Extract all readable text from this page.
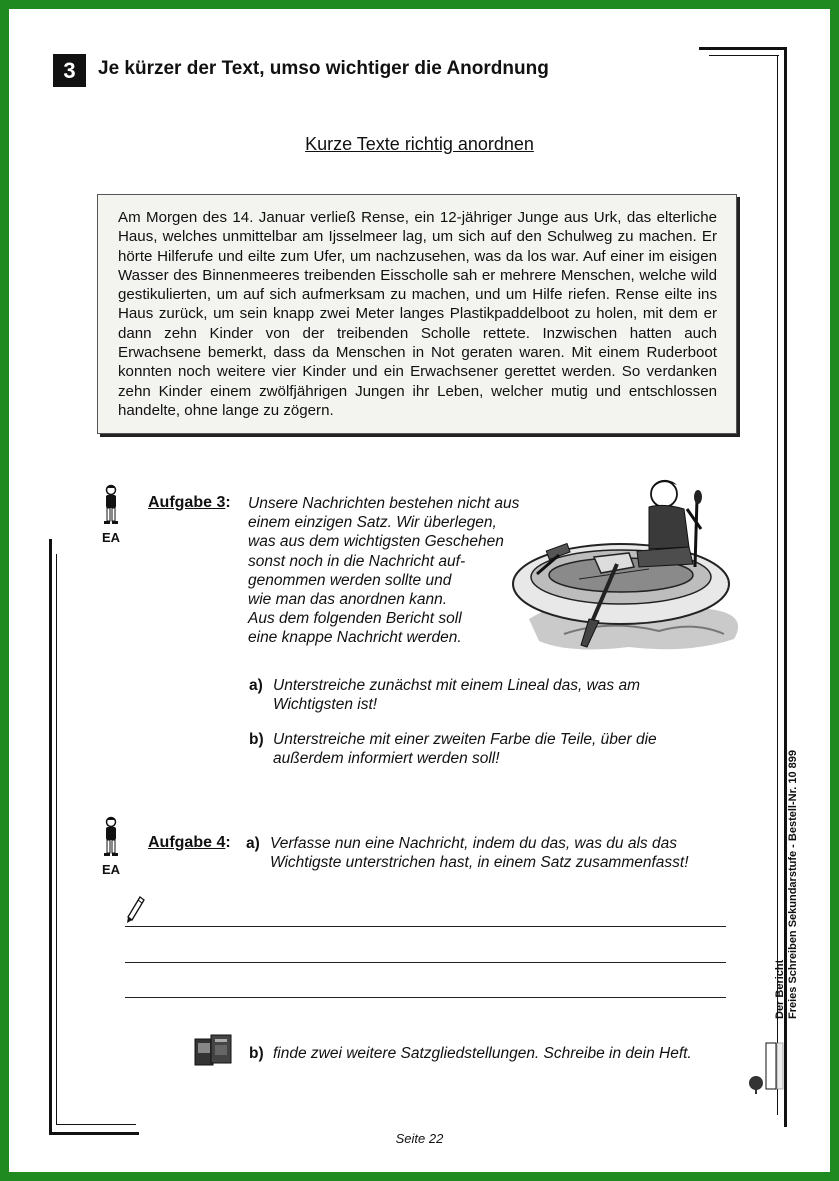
3	Je kürzer der Text, umso wichtiger die Anordnung
Kurze Texte richtig anordnen

Am Morgen des 14. Januar verließ Rense, ein 12-jähriger Junge aus Urk, das elterliche Haus, welches unmittelbar am Ijsselmeer lag, um sich auf den Schulweg zu machen. Er hörte Hilferufe und eilte zum Ufer, um nachzusehen, was da los war. Auf einer im eisigen Wasser des Binnenmeeres treibenden Eisscholle sah er mehrere Menschen, welche wild gestikulierten, um auf sich aufmerksam zu machen, und um Hilfe riefen. Rense eilte ins Haus zurück, um sein knapp zwei Meter langes Plastikpaddelboot zu holen, mit dem er dann zehn Kinder von der treibenden Scholle rettete. Inzwischen hatten auch Erwachsene bemerkt, dass da Menschen in Not geraten waren. Mit einem Ruderboot konnten noch weitere vier Kinder und ein Erwachsener gerettet werden. So verdanken zehn Kinder einem zwölfjährigen Jungen ihr Leben, welcher mutig und entschlossen handelte, ohne lange zu zögern.

EA
Aufgabe 3: Unsere Nachrichten bestehen nicht aus
einem einzigen Satz. Wir überlegen,
was aus dem wichtigsten Geschehen
sonst noch in die Nachricht auf-
genommen werden sollte und
wie man das anordnen kann.
Aus dem folgenden Bericht soll
eine knappe Nachricht werden.
a) Unterstreiche zunächst mit einem Lineal das, was am
Wichtigsten ist!
b) Unterstreiche mit einer zweiten Farbe die Teile, über die
außerdem informiert werden soll!
EA
Aufgabe 4: a) Verfasse nun eine Nachricht, indem du das, was du als das
Wichtigste unterstrichen hast, in einem Satz zusammenfasst!
b) finde zwei weitere Satzgliedstellungen. Schreibe in dein Heft.
Der Bericht Freies Schreiben Sekundarstufe - Bestell-Nr. 10 899
Seite 22
